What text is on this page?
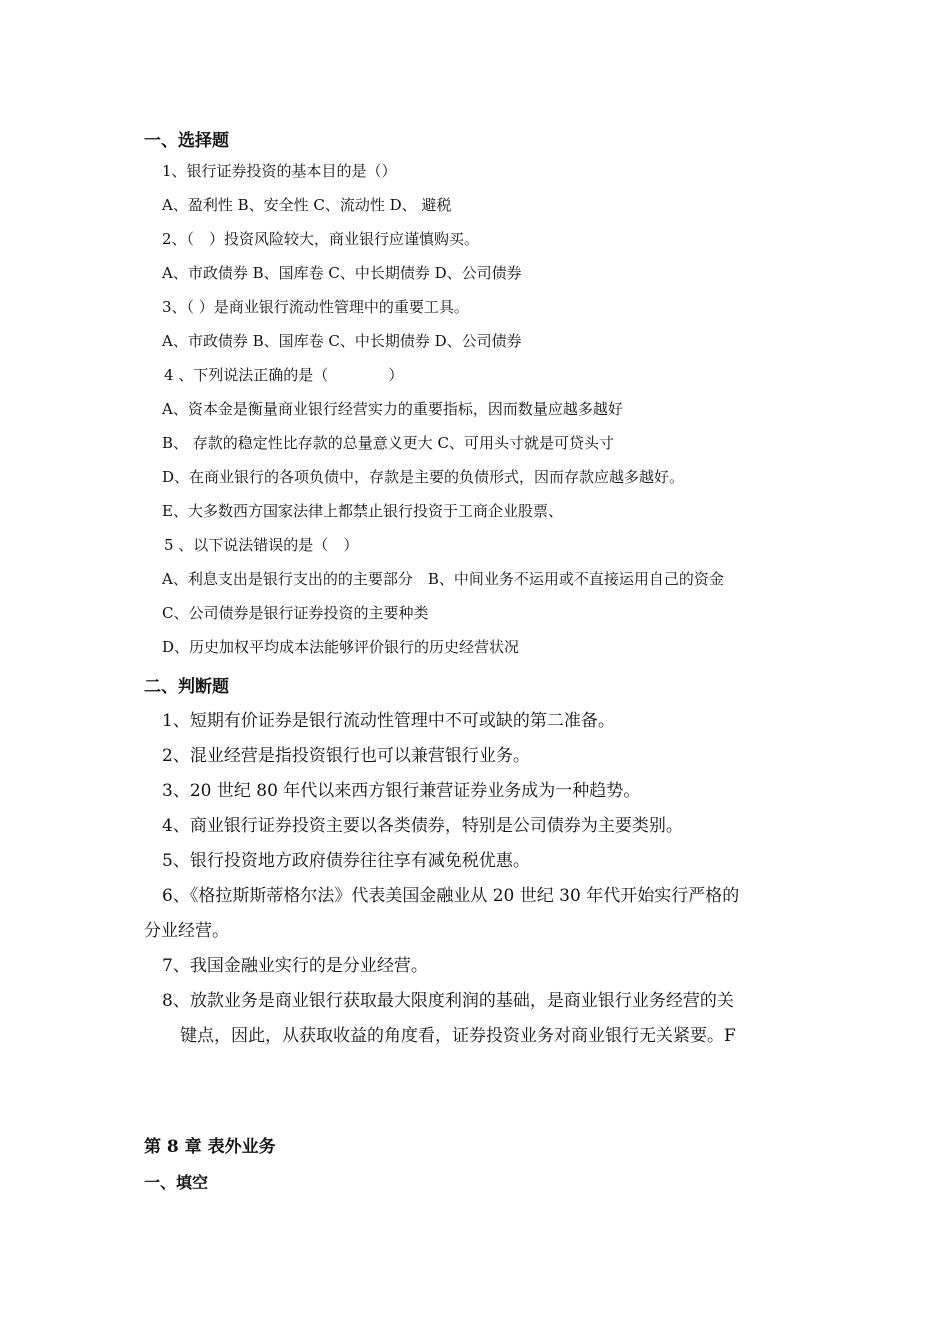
一、选择题
1、银行证券投资的基本目的是（）
A、盈利性 B、安全性 C、流动性 D、 避税
2、（　）投资风险较大，商业银行应谨慎购买。
A、市政债券 B、国库卷 C、中长期债券 D、公司债券
3、（ ）是商业银行流动性管理中的重要工具。
A、市政债券 B、国库卷 C、中长期债券 D、公司债券
4 、下列说法正确的是（　　　　）
A、资本金是衡量商业银行经营实力的重要指标，因而数量应越多越好
B、 存款的稳定性比存款的总量意义更大 C、可用头寸就是可贷头寸
D、在商业银行的各项负债中，存款是主要的负债形式，因而存款应越多越好。
E、大多数西方国家法律上都禁止银行投资于工商企业股票、
5 、以下说法错误的是（　）
A、利息支出是银行支出的的主要部分　B、中间业务不运用或不直接运用自己的资金
C、公司债券是银行证券投资的主要种类
D、历史加权平均成本法能够评价银行的历史经营状况
二、判断题
1、短期有价证券是银行流动性管理中不可或缺的第二准备。
2、混业经营是指投资银行也可以兼营银行业务。
3、20 世纪 80 年代以来西方银行兼营证券业务成为一种趋势。
4、商业银行证券投资主要以各类债券，特别是公司债券为主要类别。
5、银行投资地方政府债券往往享有减免税优惠。
6、《格拉斯斯蒂格尔法》代表美国金融业从 20 世纪 30 年代开始实行严格的
分业经营。
7、我国金融业实行的是分业经营。
8、放款业务是商业银行获取最大限度利润的基础，是商业银行业务经营的关
键点，因此，从获取收益的角度看，证券投资业务对商业银行无关紧要。F
第 8 章 表外业务
一、填空
